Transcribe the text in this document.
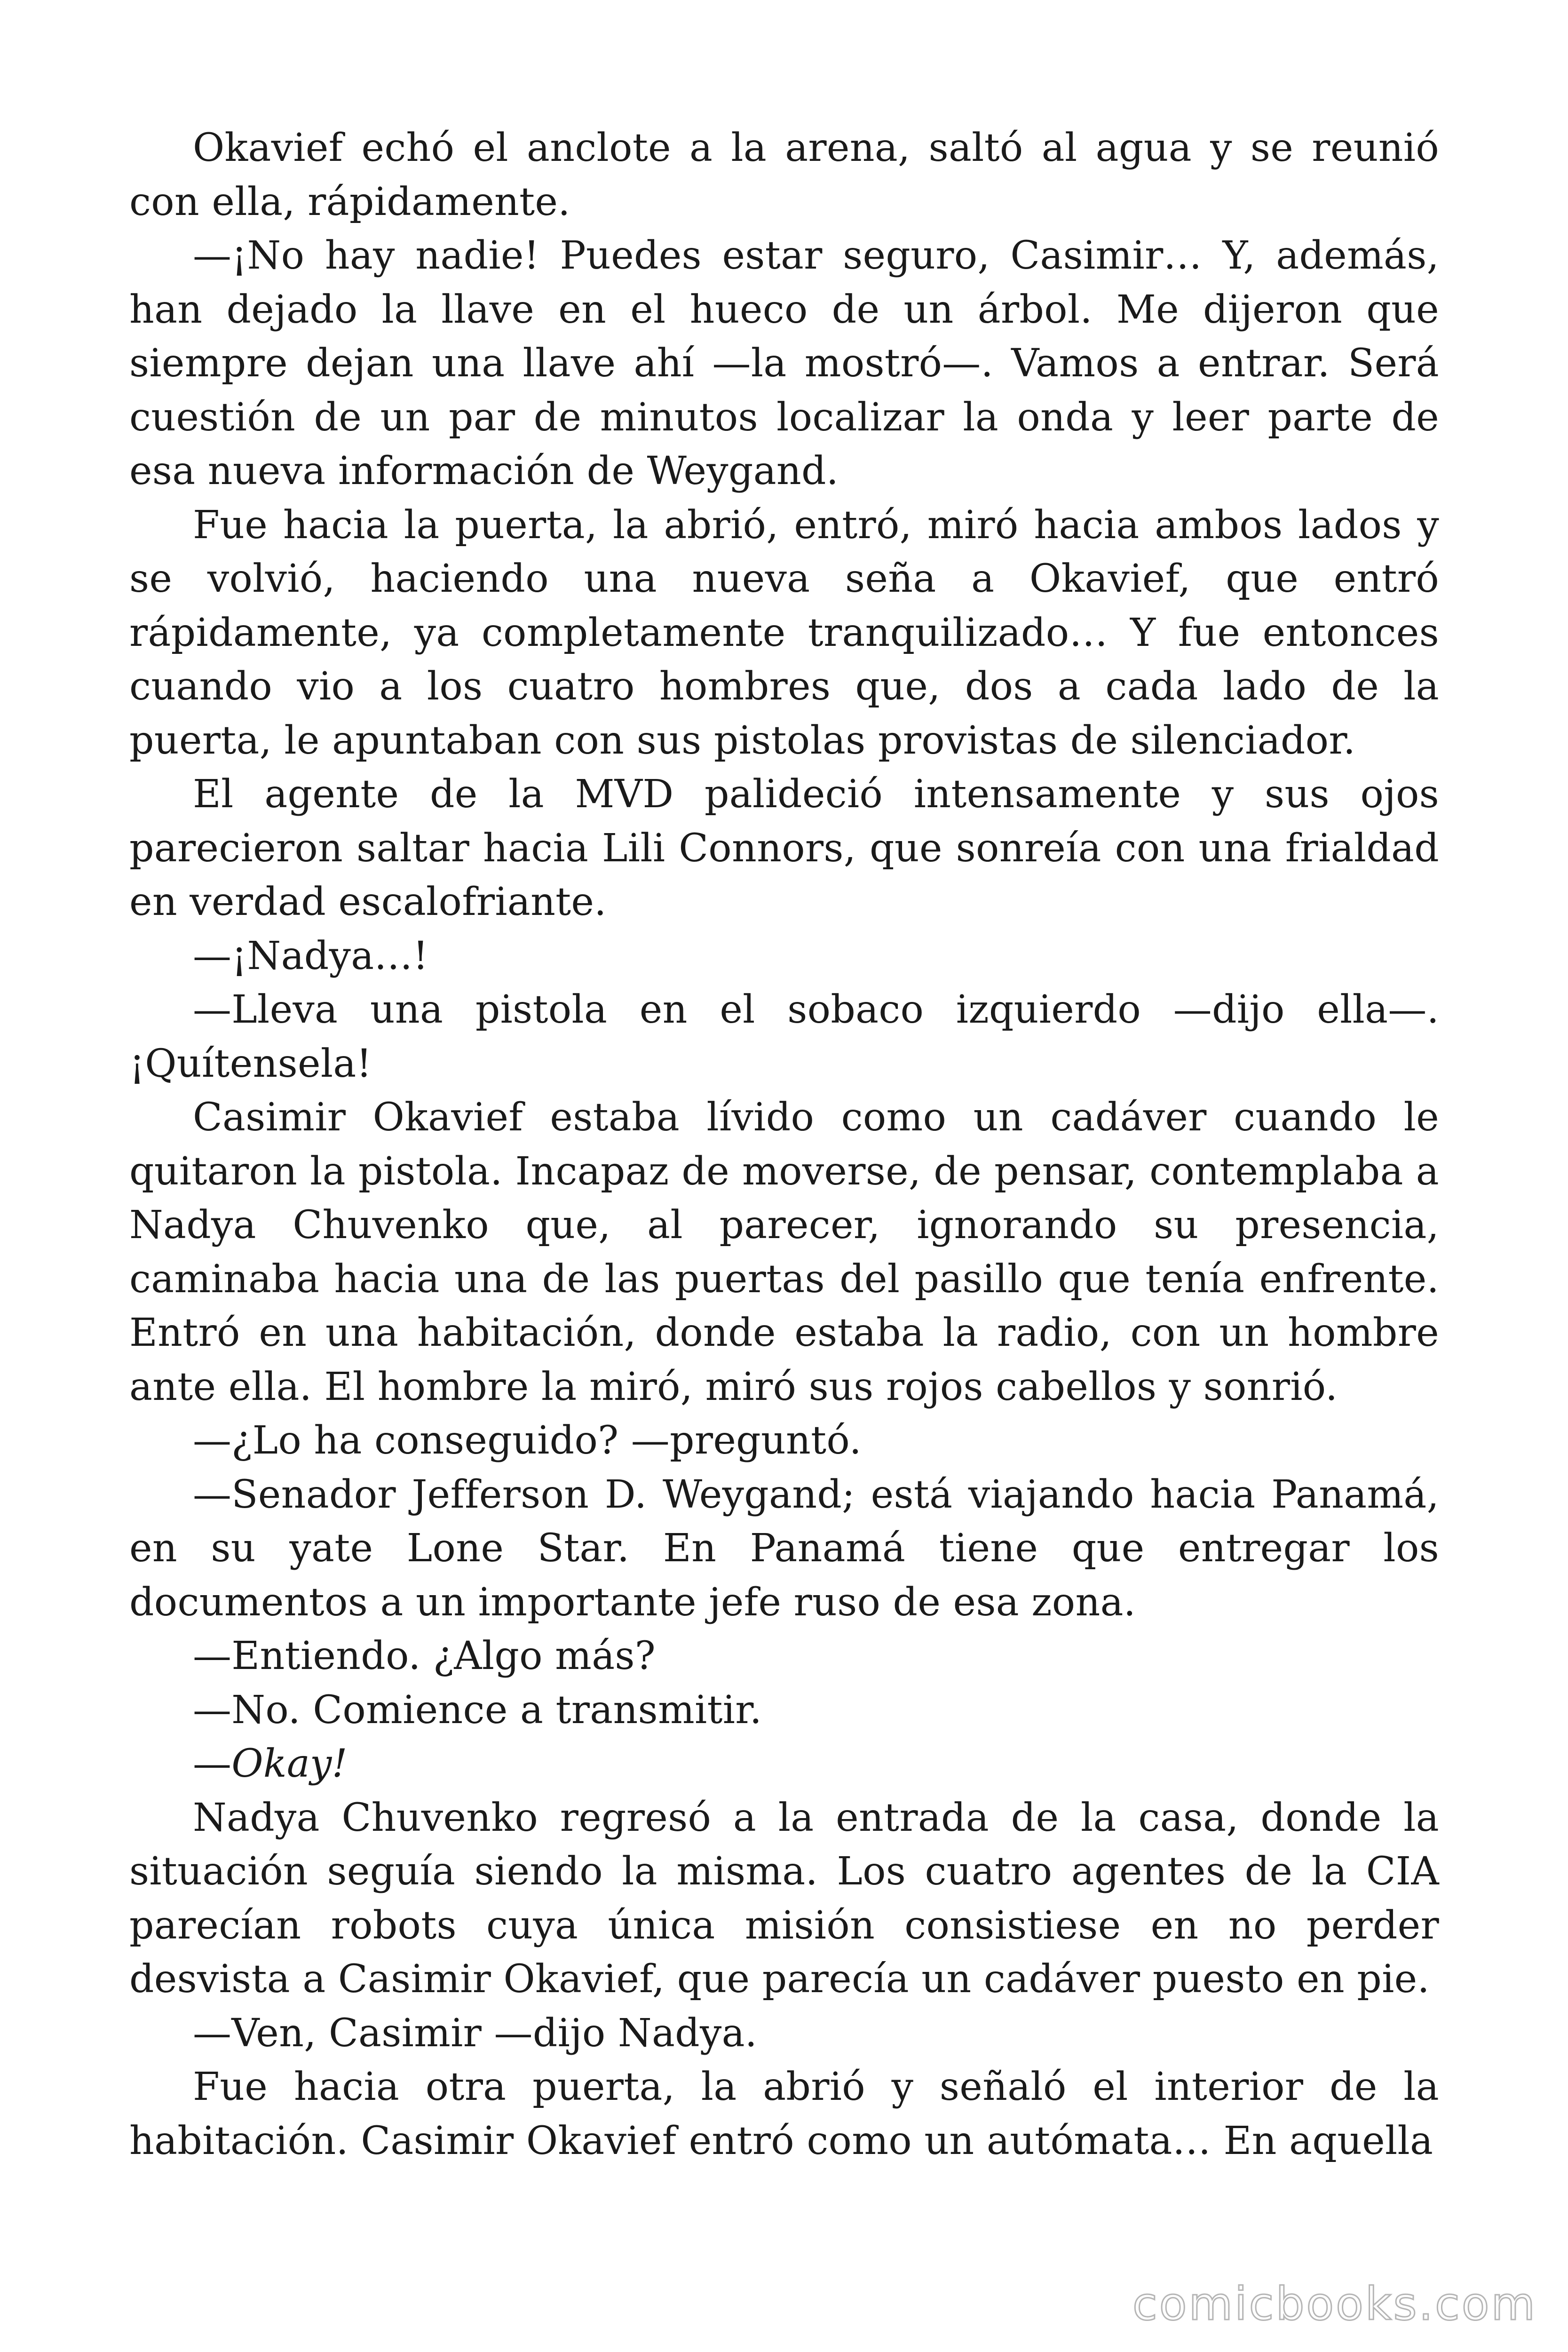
Okavief echó el anclote a la arena, saltó al agua y se reunió con ella, rápidamente.

—¡No hay nadie! Puedes estar seguro, Casimir… Y, además, han dejado la llave en el hueco de un árbol. Me dijeron que siempre dejan una llave ahí —la mostró—. Vamos a entrar. Será cuestión de un par de minutos localizar la onda y leer parte de esa nueva información de Weygand.

Fue hacia la puerta, la abrió, entró, miró hacia ambos lados y se volvió, haciendo una nueva seña a Okavief, que entró rápidamente, ya completamente tranquilizado… Y fue entonces cuando vio a los cuatro hombres que, dos a cada lado de la puerta, le apuntaban con sus pistolas provistas de silenciador.

El agente de la MVD palideció intensamente y sus ojos parecieron saltar hacia Lili Connors, que sonreía con una frialdad en verdad escalofriante.

—¡Nadya…!

—Lleva una pistola en el sobaco izquierdo —dijo ella—. ¡Quítensela!

Casimir Okavief estaba lívido como un cadáver cuando le quitaron la pistola. Incapaz de moverse, de pensar, contemplaba a Nadya Chuvenko que, al parecer, ignorando su presencia, caminaba hacia una de las puertas del pasillo que tenía enfrente. Entró en una habitación, donde estaba la radio, con un hombre ante ella. El hombre la miró, miró sus rojos cabellos y sonrió.

—¿Lo ha conseguido? —preguntó.

—Senador Jefferson D. Weygand; está viajando hacia Panamá, en su yate Lone Star. En Panamá tiene que entregar los documentos a un importante jefe ruso de esa zona.

—Entiendo. ¿Algo más?

—No. Comience a transmitir.

—Okay!

Nadya Chuvenko regresó a la entrada de la casa, donde la situación seguía siendo la misma. Los cuatro agentes de la CIA parecían robots cuya única misión consistiese en no perder desvista a Casimir Okavief, que parecía un cadáver puesto en pie.

—Ven, Casimir —dijo Nadya.

Fue hacia otra puerta, la abrió y señaló el interior de la habitación. Casimir Okavief entró como un autómata… En aquella

comicbooks.com
